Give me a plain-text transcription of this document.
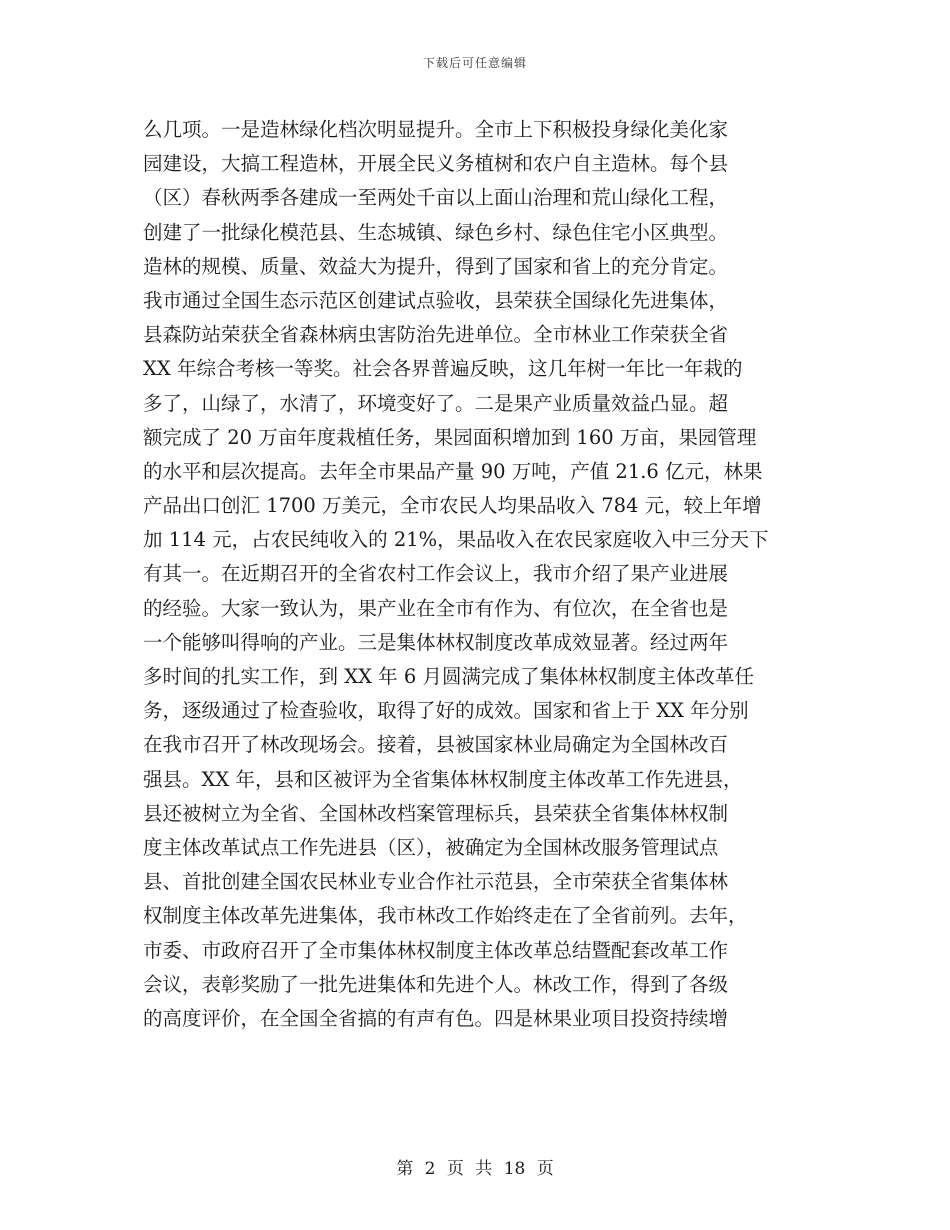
下载后可任意编辑
么几项。一是造林绿化档次明显提升。全市上下积极投身绿化美化家
园建设，大搞工程造林，开展全民义务植树和农户自主造林。每个县
（区）春秋两季各建成一至两处千亩以上面山治理和荒山绿化工程，
创建了一批绿化模范县、生态城镇、绿色乡村、绿色住宅小区典型。
造林的规模、质量、效益大为提升，得到了国家和省上的充分肯定。
我市通过全国生态示范区创建试点验收，县荣获全国绿化先进集体，
县森防站荣获全省森林病虫害防治先进单位。全市林业工作荣获全省
XX 年综合考核一等奖。社会各界普遍反映，这几年树一年比一年栽的
多了，山绿了，水清了，环境变好了。二是果产业质量效益凸显。超
额完成了 20 万亩年度栽植任务，果园面积增加到 160 万亩，果园管理
的水平和层次提高。去年全市果品产量 90 万吨，产值 21.6 亿元，林果
产品出口创汇 1700 万美元，全市农民人均果品收入 784 元，较上年增
加 114 元，占农民纯收入的 21%，果品收入在农民家庭收入中三分天下
有其一。在近期召开的全省农村工作会议上，我市介绍了果产业进展
的经验。大家一致认为，果产业在全市有作为、有位次，在全省也是
一个能够叫得响的产业。三是集体林权制度改革成效显著。经过两年
多时间的扎实工作，到 XX 年 6 月圆满完成了集体林权制度主体改革任
务，逐级通过了检查验收，取得了好的成效。国家和省上于 XX 年分别
在我市召开了林改现场会。接着，县被国家林业局确定为全国林改百
强县。XX 年，县和区被评为全省集体林权制度主体改革工作先进县，
县还被树立为全省、全国林改档案管理标兵，县荣获全省集体林权制
度主体改革试点工作先进县（区），被确定为全国林改服务管理试点
县、首批创建全国农民林业专业合作社示范县，全市荣获全省集体林
权制度主体改革先进集体，我市林改工作始终走在了全省前列。去年，
市委、市政府召开了全市集体林权制度主体改革总结暨配套改革工作
会议，表彰奖励了一批先进集体和先进个人。林改工作，得到了各级
的高度评价，在全国全省搞的有声有色。四是林果业项目投资持续增
第 2 页 共 18 页
